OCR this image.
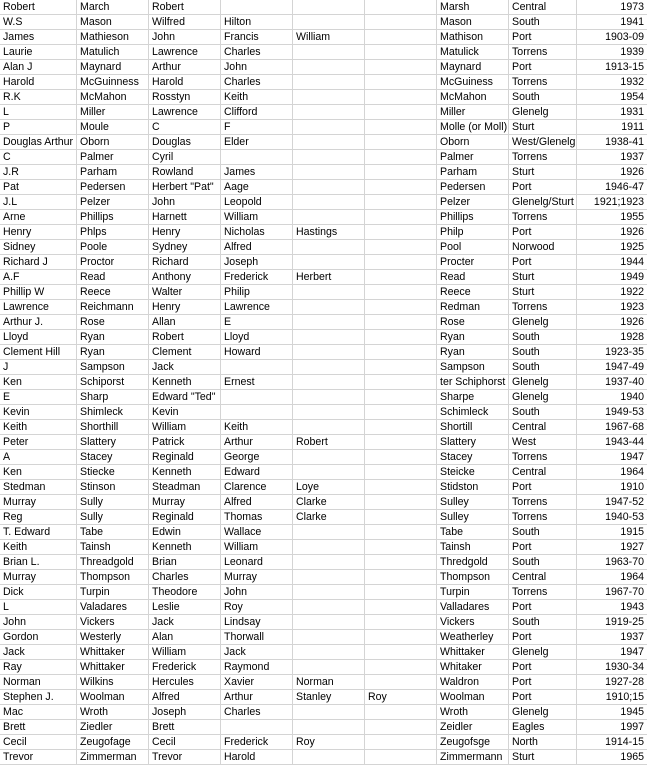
Robert	March	Robert				Marsh	Central	1973
W.S	Mason	Wilfred	Hilton			Mason	South	1941
James	Mathieson	John	Francis	William		Mathison	Port	1903-09
Laurie	Matulich	Lawrence	Charles			Matulick	Torrens	1939
Alan J	Maynard	Arthur	John			Maynard	Port	1913-15
Harold	McGuinness	Harold	Charles			McGuiness	Torrens	1932
R.K	McMahon	Rosstyn	Keith			McMahon	South	1954
L	Miller	Lawrence	Clifford			Miller	Glenelg	1931
P	Moule	C	F			Molle (or Moll)	Sturt	1911
Douglas Arthur	Oborn	Douglas	Elder			Oborn	West/Glenelg	1938-41
C	Palmer	Cyril				Palmer	Torrens	1937
J.R	Parham	Rowland	James			Parham	Sturt	1926
Pat	Pedersen	Herbert "Pat"	Aage			Pedersen	Port	1946-47
J.L	Pelzer	John	Leopold			Pelzer	Glenelg/Sturt	1921;1923
Arne	Phillips	Harnett	William			Phillips	Torrens	1955
Henry	Phlps	Henry	Nicholas	Hastings		Philp	Port	1926
Sidney	Poole	Sydney	Alfred			Pool	Norwood	1925
Richard J	Proctor	Richard	Joseph			Procter	Port	1944
A.F	Read	Anthony	Frederick	Herbert		Read	Sturt	1949
Phillip W	Reece	Walter	Philip			Reece	Sturt	1922
Lawrence	Reichmann	Henry	Lawrence			Redman	Torrens	1923
Arthur J.	Rose	Allan	E			Rose	Glenelg	1926
Lloyd	Ryan	Robert	Lloyd			Ryan	South	1928
Clement Hill	Ryan	Clement	Howard			Ryan	South	1923-35
J	Sampson	Jack				Sampson	South	1947-49
Ken	Schiporst	Kenneth	Ernest			ter Schiphorst	Glenelg	1937-40
E	Sharp	Edward "Ted"				Sharpe	Glenelg	1940
Kevin	Shimleck	Kevin				Schimleck	South	1949-53
Keith	Shorthill	William	Keith			Shortill	Central	1967-68
Peter	Slattery	Patrick	Arthur	Robert		Slattery	West	1943-44
A	Stacey	Reginald	George			Stacey	Torrens	1947
Ken	Stiecke	Kenneth	Edward			Steicke	Central	1964
Stedman	Stinson	Steadman	Clarence	Loye		Stidston	Port	1910
Murray	Sully	Murray	Alfred	Clarke		Sulley	Torrens	1947-52
Reg	Sully	Reginald	Thomas	Clarke		Sulley	Torrens	1940-53
T. Edward	Tabe	Edwin	Wallace			Tabe	South	1915
Keith	Tainsh	Kenneth	William			Tainsh	Port	1927
Brian L.	Threadgold	Brian	Leonard			Thredgold	South	1963-70
Murray	Thompson	Charles	Murray			Thompson	Central	1964
Dick	Turpin	Theodore	John			Turpin	Torrens	1967-70
L	Valadares	Leslie	Roy			Valladares	Port	1943
John	Vickers	Jack	Lindsay			Vickers	South	1919-25
Gordon	Westerly	Alan	Thorwall			Weatherley	Port	1937
Jack	Whittaker	William	Jack			Whittaker	Glenelg	1947
Ray	Whittaker	Frederick	Raymond			Whitaker	Port	1930-34
Norman	Wilkins	Hercules	Xavier	Norman		Waldron	Port	1927-28
Stephen J.	Woolman	Alfred	Arthur	Stanley	Roy	Woolman	Port	1910;15
Mac	Wroth	Joseph	Charles			Wroth	Glenelg	1945
Brett	Ziedler	Brett				Zeidler	Eagles	1997
Cecil	Zeugofage	Cecil	Frederick	Roy		Zeugofsge	North	1914-15
Trevor	Zimmerman	Trevor	Harold			Zimmermann	Sturt	1965
